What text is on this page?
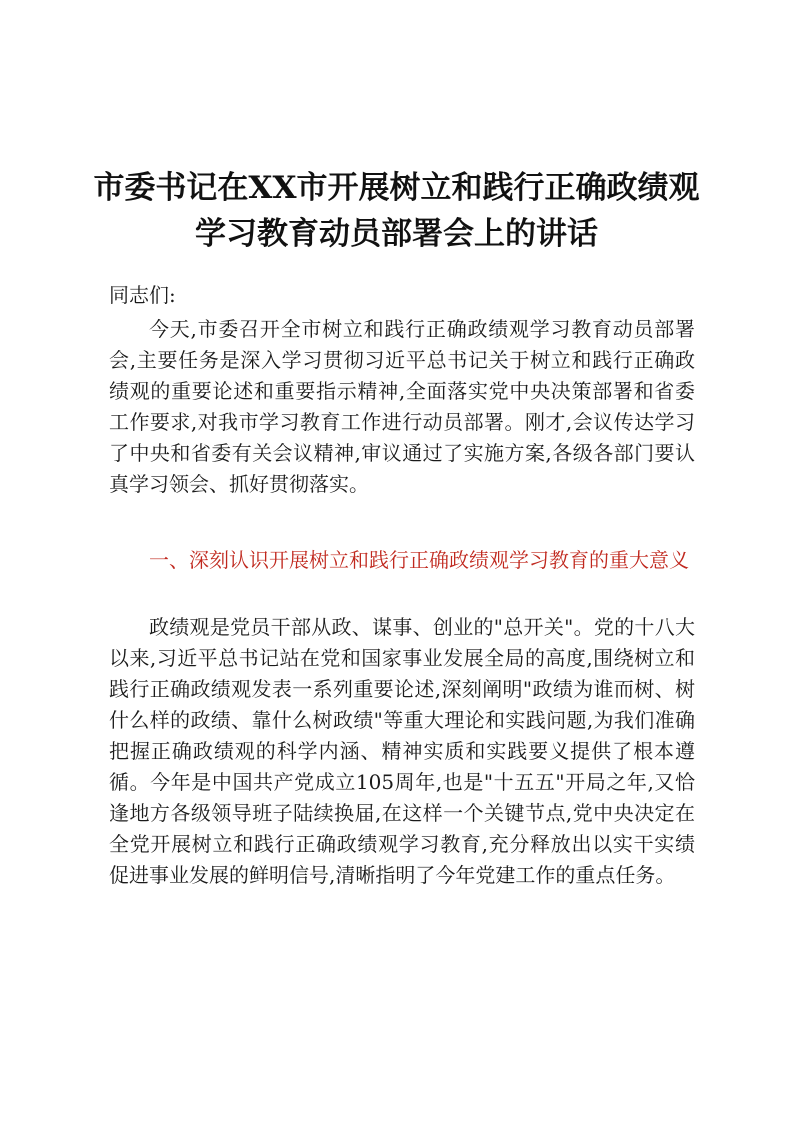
市委书记在XX市开展树立和践行正确政绩观
学习教育动员部署会上的讲话
同志们:

今天,市委召开全市树立和践行正确政绩观学习教育动员部署会,主要任务是深入学习贯彻习近平总书记关于树立和践行正确政绩观的重要论述和重要指示精神,全面落实党中央决策部署和省委工作要求,对我市学习教育工作进行动员部署。刚才,会议传达学习了中央和省委有关会议精神,审议通过了实施方案,各级各部门要认真学习领会、抓好贯彻落实。

一、深刻认识开展树立和践行正确政绩观学习教育的重大意义

政绩观是党员干部从政、谋事、创业的"总开关"。党的十八大以来,习近平总书记站在党和国家事业发展全局的高度,围绕树立和践行正确政绩观发表一系列重要论述,深刻阐明"政绩为谁而树、树什么样的政绩、靠什么树政绩"等重大理论和实践问题,为我们准确把握正确政绩观的科学内涵、精神实质和实践要义提供了根本遵循。今年是中国共产党成立105周年,也是"十五五"开局之年,又恰逢地方各级领导班子陆续换届,在这样一个关键节点,党中央决定在全党开展树立和践行正确政绩观学习教育,充分释放出以实干实绩促进事业发展的鲜明信号,清晰指明了今年党建工作的重点任务。
